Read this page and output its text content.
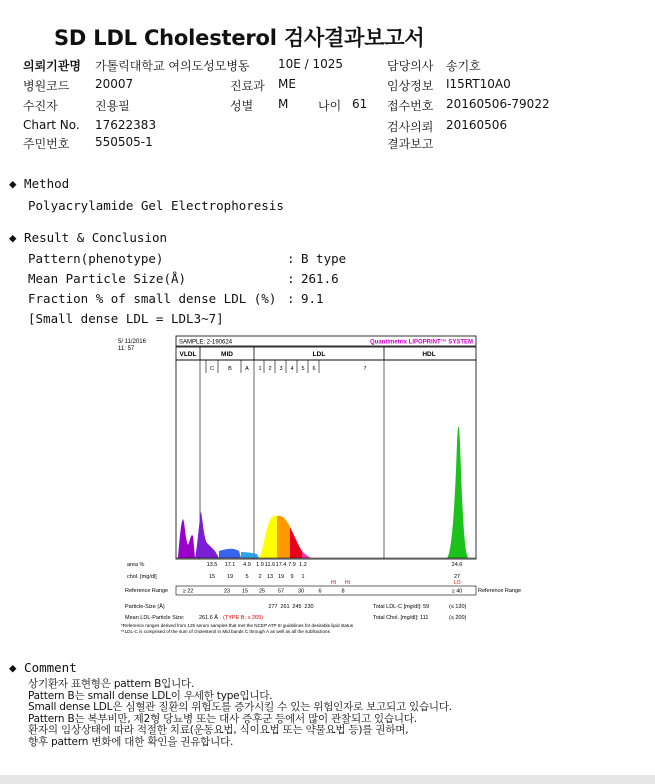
SD LDL Cholesterol 검사결과보고서
의뢰기관명 가톨릭대학교 여의도성모병동 10E / 1025	담당의사 송기호
병원코드 20007	진료과 ME	임상정보 I15RT10A0
수진자	진용필	성별 M 나이 61 접수번호 20160506-79022
Chart No. 17622383	검사의뢰 20160506
주민번호 550505-1	결과보고
◆ Method
Polyacrylamide Gel Electrophoresis
◆ Result & Conclusion
Pattern(phenotype)	: B type
Mean Particle Size(Å)	: 261.6
Fraction % of small dense LDL (%) : 9.1
[Small dense LDL = LDL3~7]
5/ 11/2016
11: 57
SAMPLE: 2-190624	Quantimetrix LIPOPRINT™ SYSTEM
VLDL	MID	LDL	HDL
C	B A 1 2 3 4 5 6	7
area %	13.5 17.1 4.9 1.9 11.6 17.4 7.9 1.2	24.6
chol. [mg/dl]	15 19 5 2 13 19 9 1	27
HI HI	LO
Reference Range	≥ 22	23 15 25 57	30	6	8	≥ 40	Reference Range
Particle-Size (Å)	277 261 245 230
Mean LDL-Particle Size:	261.6 Å (TYPE B; ≤ 265)
Total LDL-C [mg/dl]: 59	(≤ 130)
Total Chol. [mg/dl]: 111	(≤ 200)
*Reference ranges derived from 125 serum samples that met the NCEP ATP III guidelines for desirable lipid status
**LDL-C is comprised of the sum of cholesterol in Mid bands C through A as well as all the subfractions
◆ Comment
상기환자 표현형은 pattern B입니다.
Pattern B는 small dense LDL이 우세한 type입니다.
Small dense LDL은 심혈관 질환의 위험도를 증가시킬 수 있는 위험인자로 보고되고 있습니다.
Pattern B는 복부비만, 제2형 당뇨병 또는 대사 증후군 등에서 많이 관찰되고 있습니다.
환자의 임상상태에 따라 적절한 치료(운동요법, 식이요법 또는 약물요법 등)를 권하며,
향후 pattern 변화에 대한 확인을 권유합니다.
